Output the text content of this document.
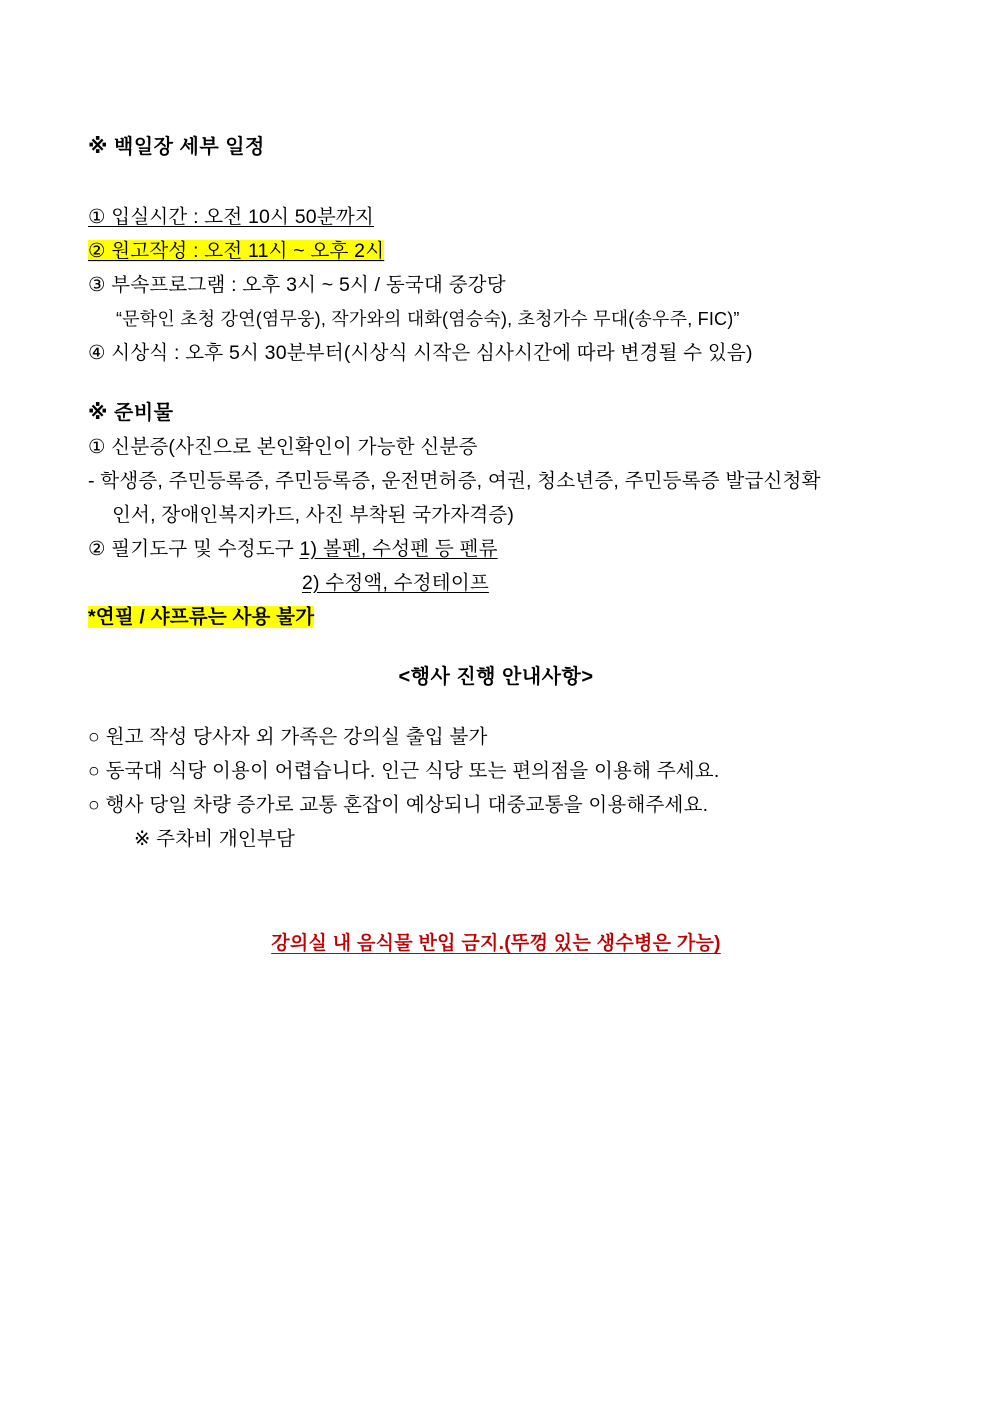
※ 백일장 세부 일정
① 입실시간 : 오전 10시 50분까지
② 원고작성 : 오전 11시 ~ 오후 2시
③ 부속프로그램 : 오후 3시 ~ 5시 / 동국대 중강당
“문학인 초청 강연(염무웅), 작가와의 대화(염승숙), 초청가수 무대(송우주, FIC)”
④ 시상식 : 오후 5시 30분부터(시상식 시작은 심사시간에 따라 변경될 수 있음)
※ 준비물
① 신분증(사진으로 본인확인이 가능한 신분증
- 학생증, 주민등록증, 주민등록증, 운전면허증, 여권, 청소년증, 주민등록증 발급신청확
인서, 장애인복지카드, 사진 부착된 국가자격증)
② 필기도구 및 수정도구 1) 볼펜, 수성펜 등 펜류
2) 수정액, 수정테이프
*연필 / 샤프류는 사용 불가
<행사 진행 안내사항>
○ 원고 작성 당사자 외 가족은 강의실 출입 불가
○ 동국대 식당 이용이 어렵습니다. 인근 식당 또는 편의점을 이용해 주세요.
○ 행사 당일 차량 증가로 교통 혼잡이 예상되니 대중교통을 이용해주세요.
※ 주차비 개인부담
강의실 내 음식물 반입 금지.(뚜껑 있는 생수병은 가능)
